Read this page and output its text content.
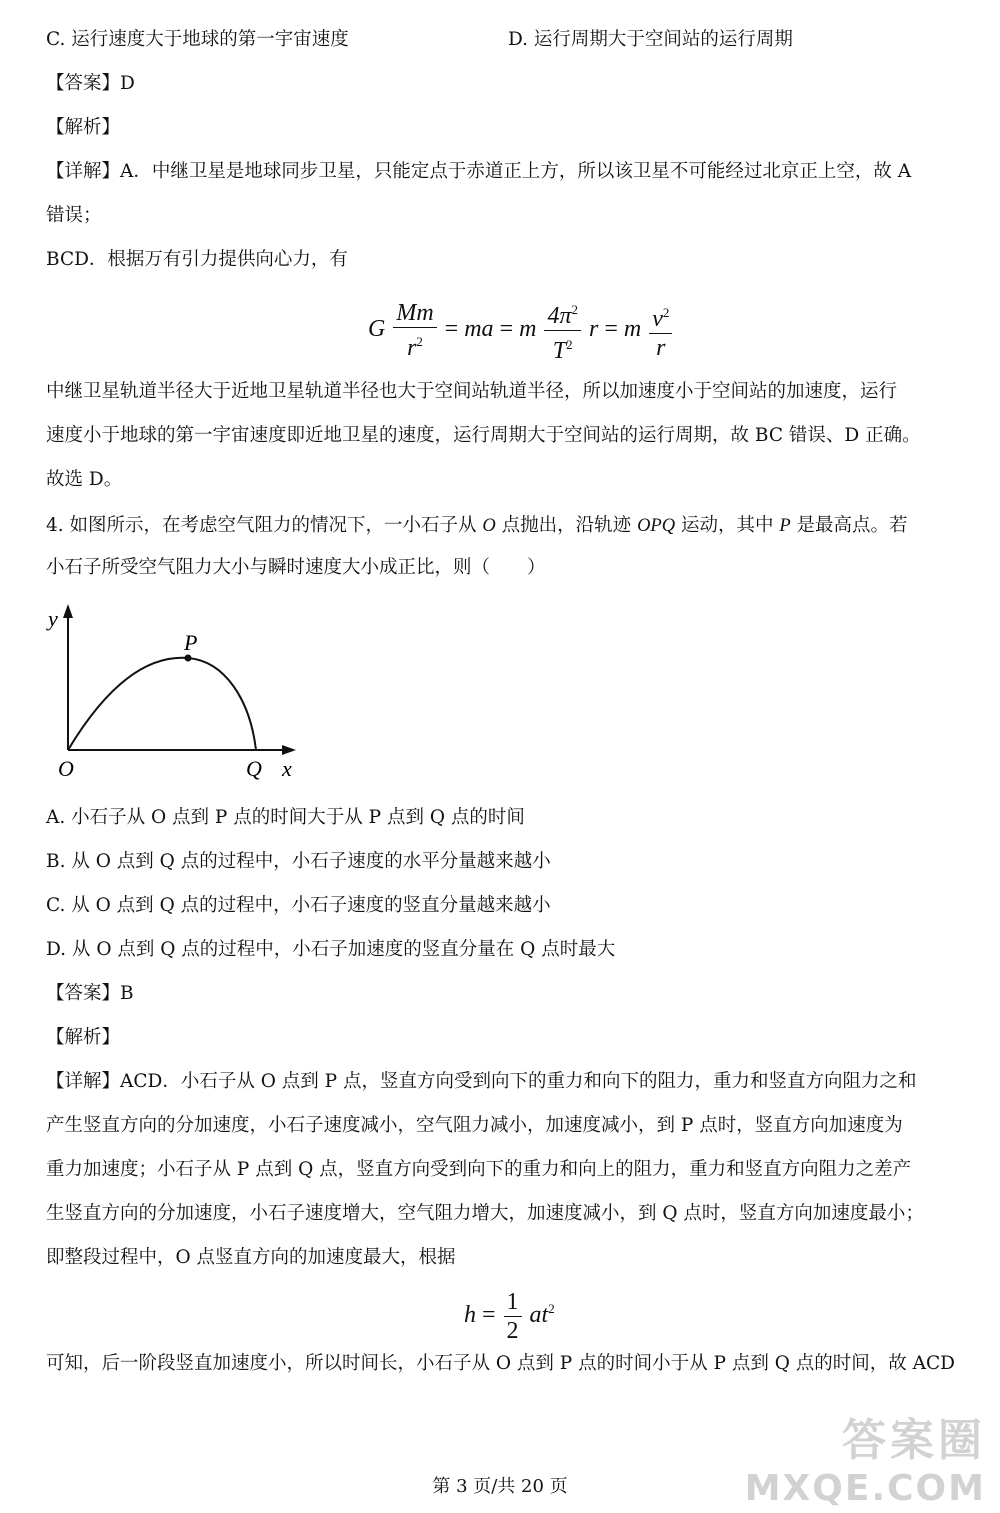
C. 运行速度大于地球的第一宇宙速度	D. 运行周期大于空间站的运行周期
【答案】D
【解析】
【详解】A．中继卫星是地球同步卫星，只能定点于赤道正上方，所以该卫星不可能经过北京正上空，故 A
错误；
BCD．根据万有引力提供向心力，有
G $\frac{Mm}{r^2}$ = ma = m $\frac{4\pi^2}{T^2}$ r = m $\frac{v^2}{r}$
中继卫星轨道半径大于近地卫星轨道半径也大于空间站轨道半径，所以加速度小于空间站的加速度，运行
速度小于地球的第一宇宙速度即近地卫星的速度，运行周期大于空间站的运行周期，故 BC 错误、D 正确。
故选 D。
4. 如图所示，在考虑空气阻力的情况下，一小石子从 O 点抛出，沿轨迹 OPQ 运动，其中 P 是最高点。若
小石子所受空气阻力大小与瞬时速度大小成正比，则（　　）
y
P
O	Q x
A. 小石子从 O 点到 P 点的时间大于从 P 点到 Q 点的时间
B. 从 O 点到 Q 点的过程中，小石子速度的水平分量越来越小
C. 从 O 点到 Q 点的过程中，小石子速度的竖直分量越来越小
D. 从 O 点到 Q 点的过程中，小石子加速度的竖直分量在 Q 点时最大
【答案】B
【解析】
【详解】ACD．小石子从 O 点到 P 点，竖直方向受到向下的重力和向下的阻力，重力和竖直方向阻力之和
产生竖直方向的分加速度，小石子速度减小，空气阻力减小，加速度减小，到 P 点时，竖直方向加速度为
重力加速度；小石子从 P 点到 Q 点，竖直方向受到向下的重力和向上的阻力，重力和竖直方向阻力之差产
生竖直方向的分加速度，小石子速度增大，空气阻力增大，加速度减小，到 Q 点时，竖直方向加速度最小；
即整段过程中，O 点竖直方向的加速度最大，根据
$h = \frac{1}{2} at^2$
可知，后一阶段竖直加速度小，所以时间长，小石子从 O 点到 P 点的时间小于从 P 点到 Q 点的时间，故 ACD
答案圈
MXQE.COM
第 3 页/共 20 页
